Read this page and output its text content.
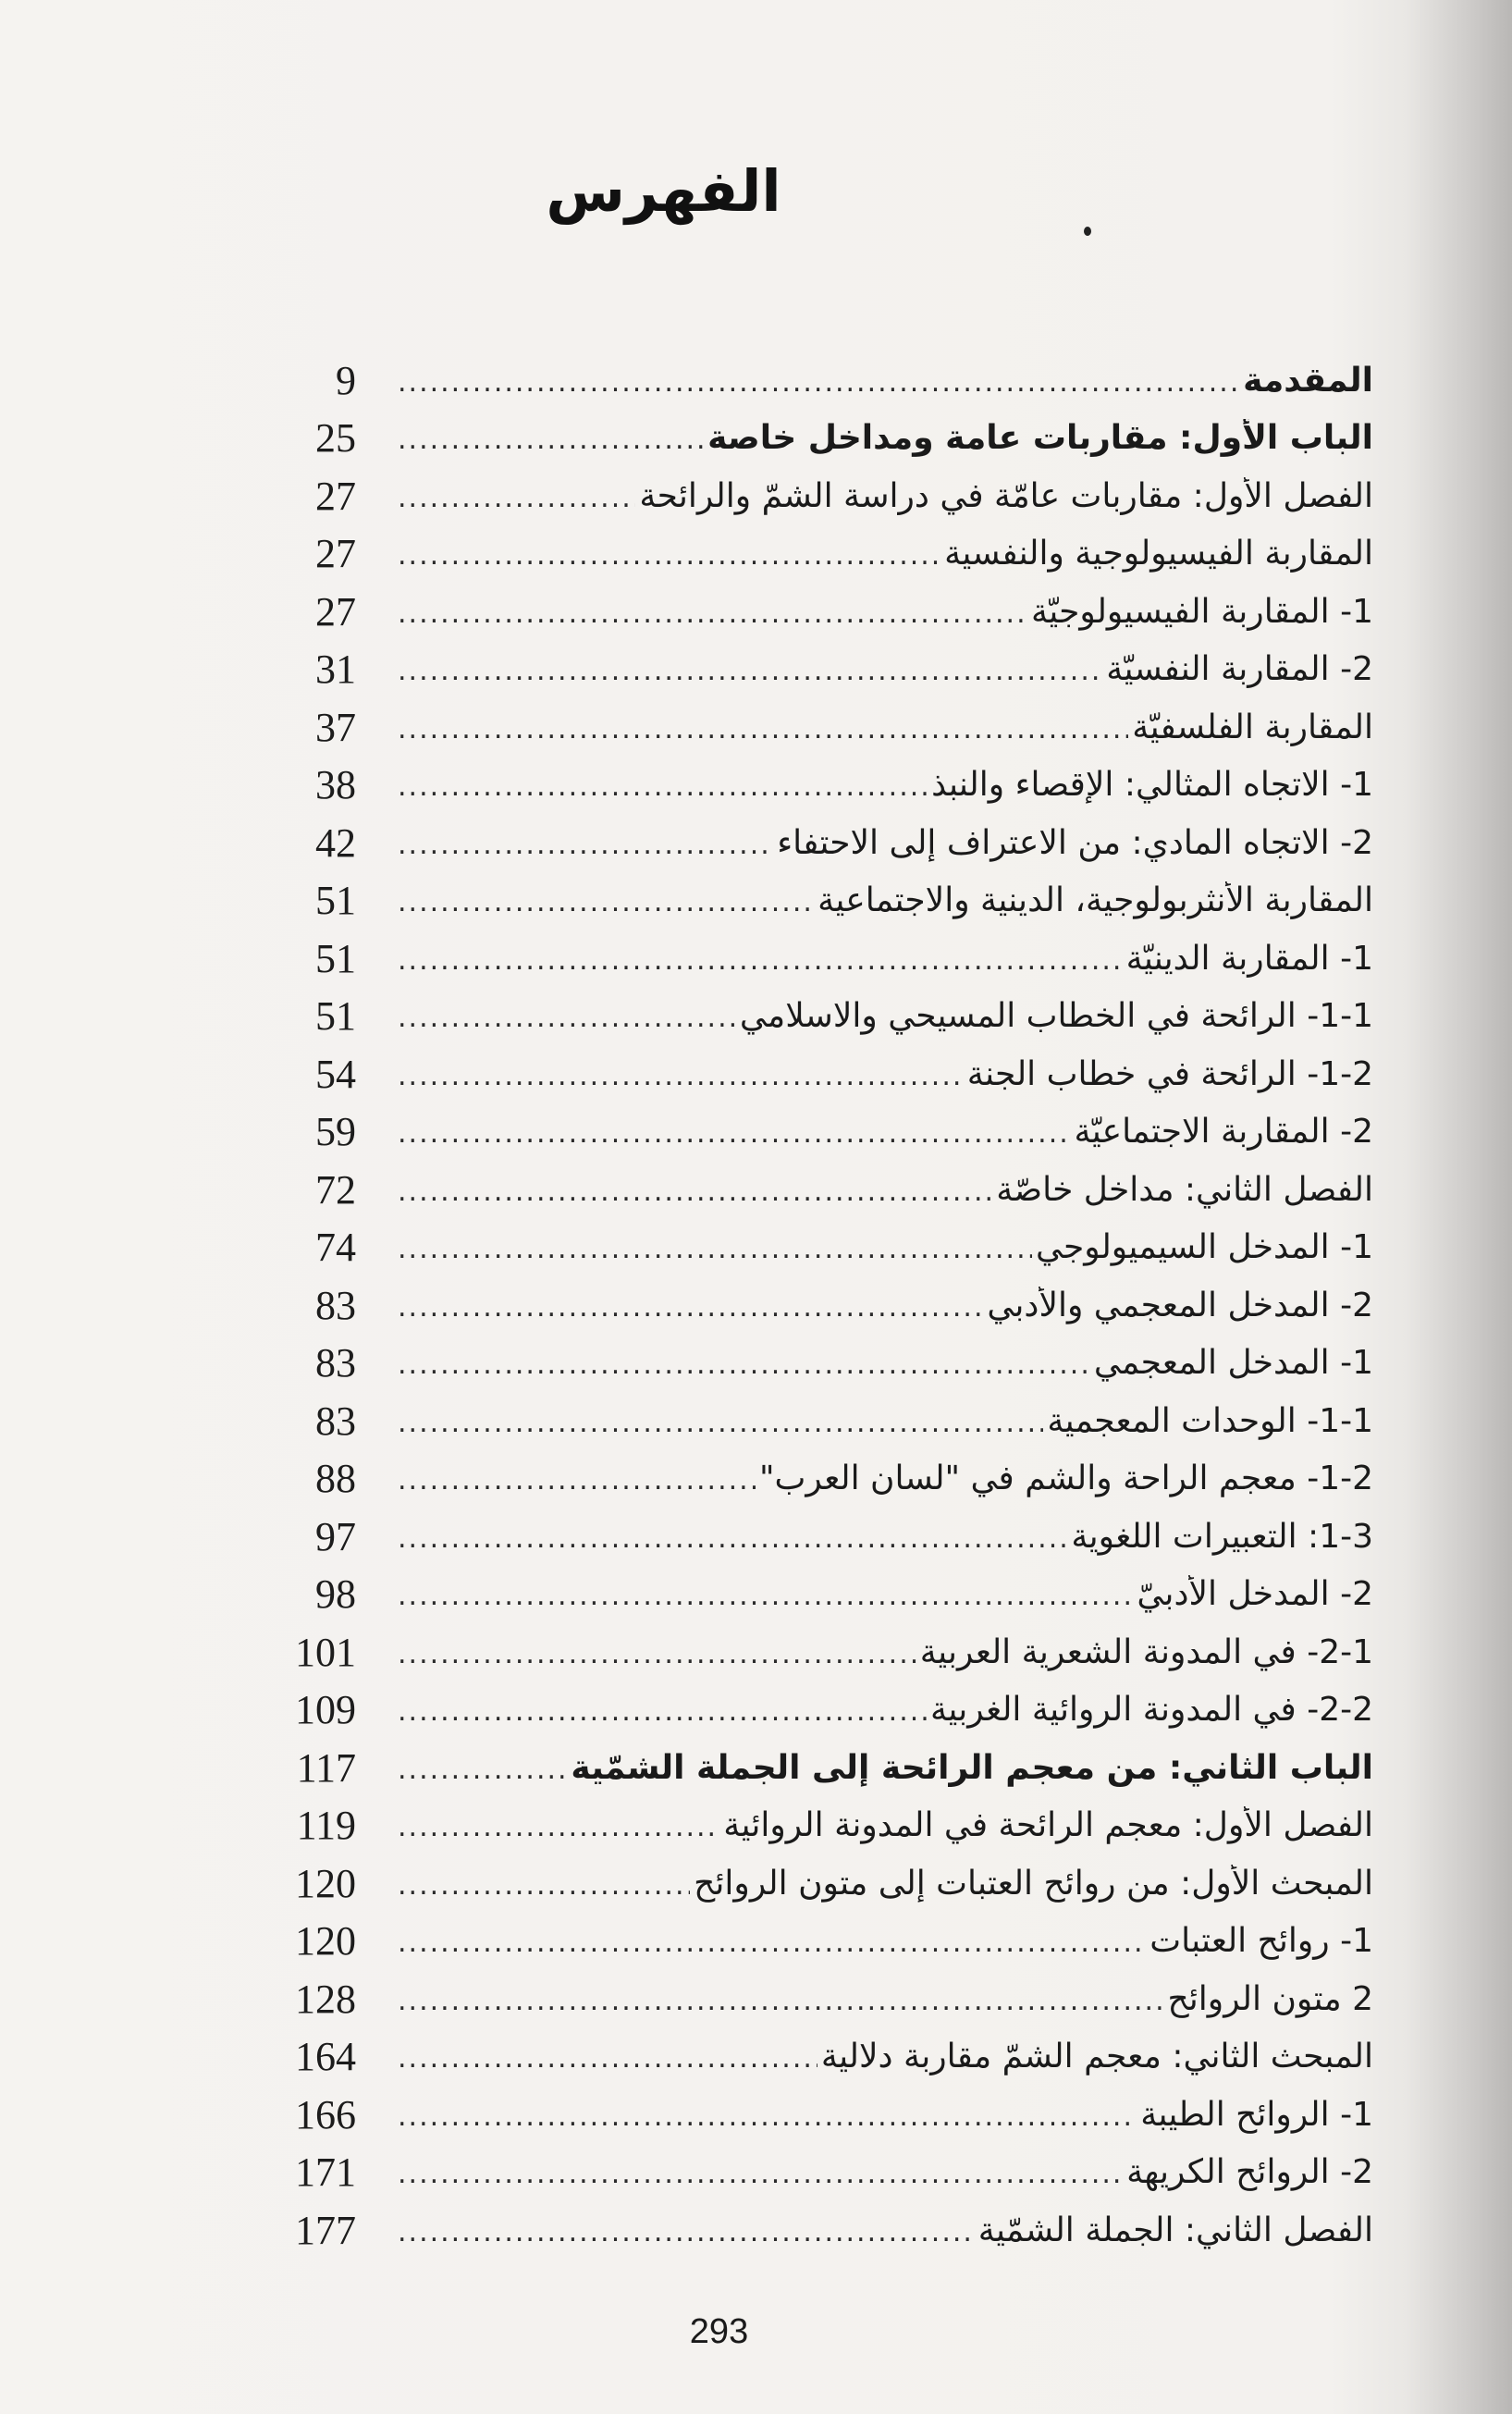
الفهرس
9	المقدمة
.....
25	الباب الأول: مقاربات عامة ومداخل خاصة
.....
27	الفصل الأول: مقاربات عامّة في دراسة الشمّ والرائحة
.....
27	المقاربة الفيسيولوجية والنفسية
.....
27	1- المقاربة الفيسيولوجيّة
.....
31	2- المقاربة النفسيّة
.....
37	المقاربة الفلسفيّة
.....
38	1- الاتجاه المثالي: الإقصاء والنبذ
.....
42	2- الاتجاه المادي: من الاعتراف إلى الاحتفاء
.....
51	المقاربة الأنثربولوجية، الدينية والاجتماعية
.....
51	1- المقاربة الدينيّة
.....
51	1-1- الرائحة في الخطاب المسيحي والاسلامي
.....
54	1-2- الرائحة في خطاب الجنة
.....
59	2- المقاربة الاجتماعيّة
.....
72	الفصل الثاني: مداخل خاصّة
.....
74	1- المدخل السيميولوجي
.....
83	2- المدخل المعجمي والأدبي
.....
83	1- المدخل المعجمي
.....
83	1-1- الوحدات المعجمية
.....
88	1-2- معجم الراحة والشم في "لسان العرب"
.....
97	1-3: التعبيرات اللغوية
.....
98	2- المدخل الأدبيّ
.....
101	2-1- في المدونة الشعرية العربية
.....
109	2-2- في المدونة الروائية الغربية
.....
117	الباب الثاني: من معجم الرائحة إلى الجملة الشمّية
.....
119	الفصل الأول: معجم الرائحة في المدونة الروائية
.....
120	المبحث الأول: من روائح العتبات إلى متون الروائح
.....
120	1- روائح العتبات
.....
128	2 متون الروائح
.....
164	المبحث الثاني: معجم الشمّ مقاربة دلالية
.....
166	1- الروائح الطيبة
.....
171	2- الروائح الكريهة
.....
177	الفصل الثاني: الجملة الشمّية
.....
293
